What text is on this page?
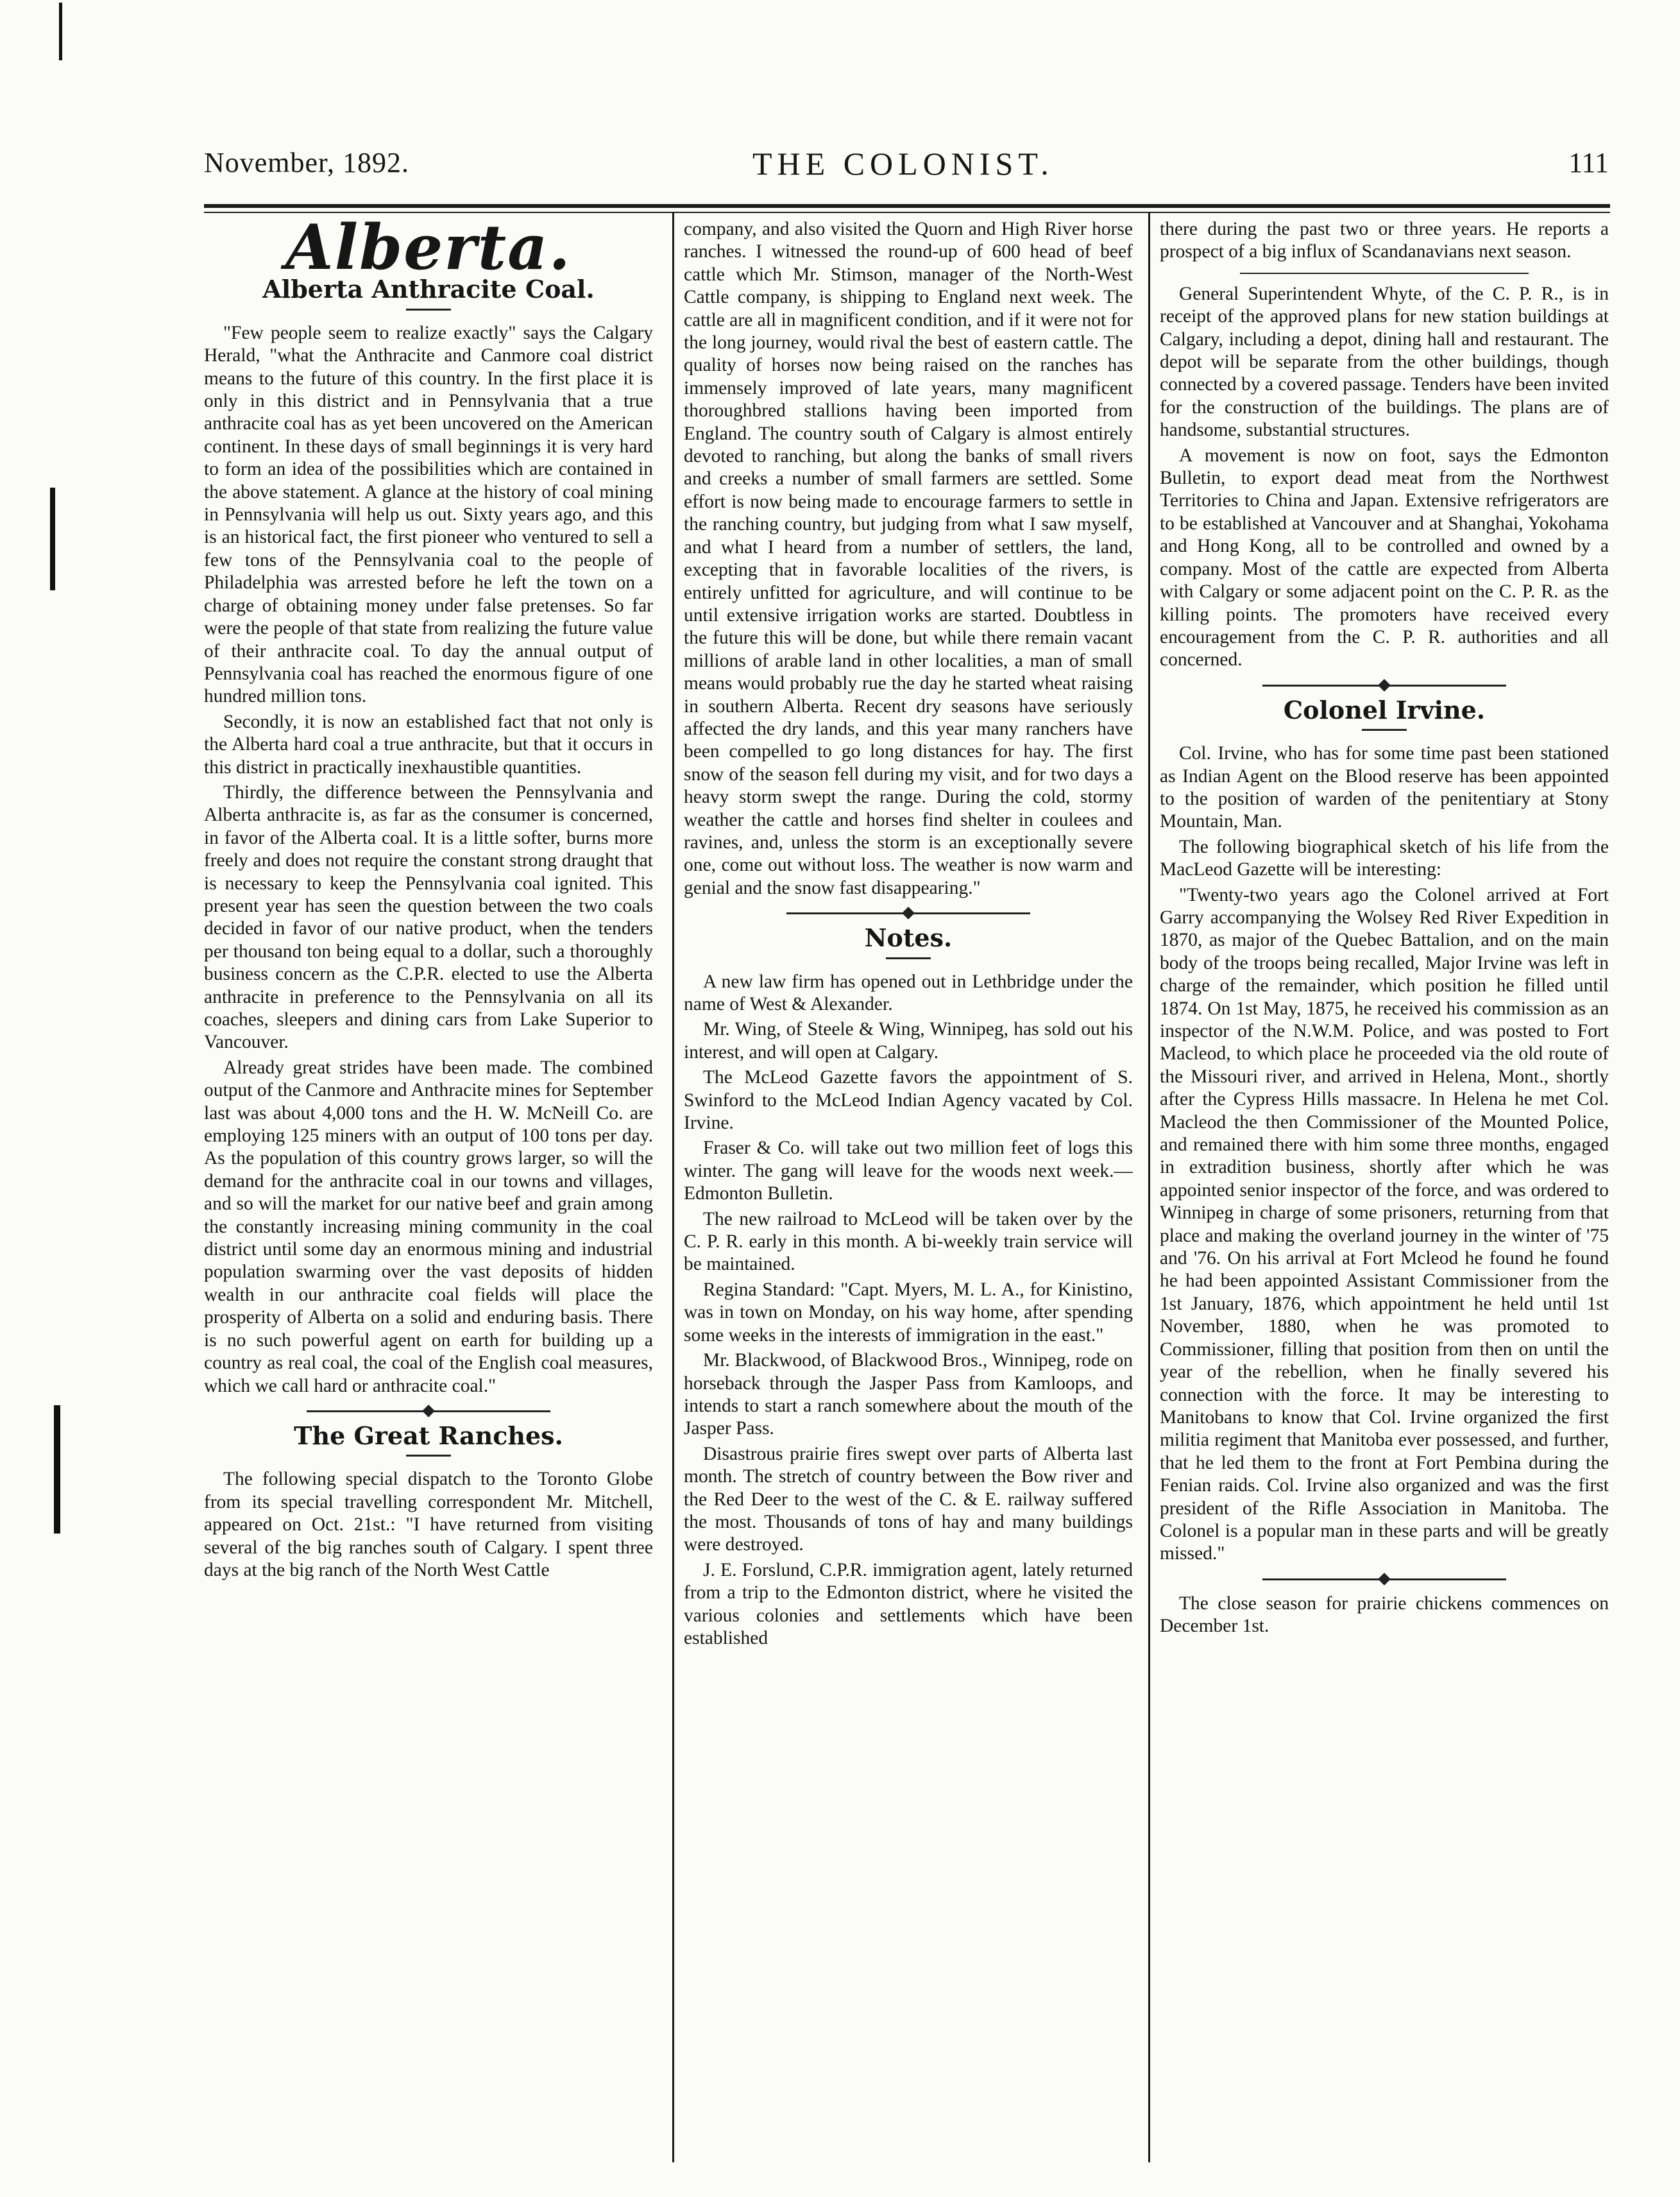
November, 1892.	THE COLONIST.	111
Alberta.
Alberta Anthracite Coal.

"Few people seem to realize exactly" says the Calgary Herald, "what the Anthracite and Canmore coal district means to the future of this country. In the first place it is only in this district and in Pennsylvania that a true anthracite coal has as yet been uncovered on the American continent. In these days of small beginnings it is very hard to form an idea of the possibilities which are contained in the above statement. A glance at the history of coal mining in Pennsylvania will help us out. Sixty years ago, and this is an historical fact, the first pioneer who ventured to sell a few tons of the Pennsylvania coal to the people of Philadelphia was arrested before he left the town on a charge of obtaining money under false pretenses. So far were the people of that state from realizing the future value of their anthracite coal. To day the annual output of Pennsylvania coal has reached the enormous figure of one hundred million tons.

Secondly, it is now an established fact that not only is the Alberta hard coal a true anthracite, but that it occurs in this district in practically inexhaustible quantities.

Thirdly, the difference between the Pennsylvania and Alberta anthracite is, as far as the consumer is concerned, in favor of the Alberta coal. It is a little softer, burns more freely and does not require the constant strong draught that is necessary to keep the Pennsylvania coal ignited. This present year has seen the question between the two coals decided in favor of our native product, when the tenders per thousand ton being equal to a dollar, such a thoroughly business concern as the C.P.R. elected to use the Alberta anthracite in preference to the Pennsylvania on all its coaches, sleepers and dining cars from Lake Superior to Vancouver.

Already great strides have been made. The combined output of the Canmore and Anthracite mines for September last was about 4,000 tons and the H. W. McNeill Co. are employing 125 miners with an output of 100 tons per day. As the population of this country grows larger, so will the demand for the anthracite coal in our towns and villages, and so will the market for our native beef and grain among the constantly increasing mining community in the coal district until some day an enormous mining and industrial population swarming over the vast deposits of hidden wealth in our anthracite coal fields will place the prosperity of Alberta on a solid and enduring basis. There is no such powerful agent on earth for building up a country as real coal, the coal of the English coal measures, which we call hard or anthracite coal."

The Great Ranches.

The following special dispatch to the Toronto Globe from its special travelling correspondent Mr. Mitchell, appeared on Oct. 21st.: "I have returned from visiting several of the big ranches south of Calgary. I spent three days at the big ranch of the North West Cattle

company, and also visited the Quorn and High River horse ranches. I witnessed the round-up of 600 head of beef cattle which Mr. Stimson, manager of the North-West Cattle company, is shipping to England next week. The cattle are all in magnificent condition, and if it were not for the long journey, would rival the best of eastern cattle. The quality of horses now being raised on the ranches has immensely improved of late years, many magnificent thoroughbred stallions having been imported from England. The country south of Calgary is almost entirely devoted to ranching, but along the banks of small rivers and creeks a number of small farmers are settled. Some effort is now being made to encourage farmers to settle in the ranching country, but judging from what I saw myself, and what I heard from a number of settlers, the land, excepting that in favorable localities of the rivers, is entirely unfitted for agriculture, and will continue to be until extensive irrigation works are started. Doubtless in the future this will be done, but while there remain vacant millions of arable land in other localities, a man of small means would probably rue the day he started wheat raising in southern Alberta. Recent dry seasons have seriously affected the dry lands, and this year many ranchers have been compelled to go long distances for hay. The first snow of the season fell during my visit, and for two days a heavy storm swept the range. During the cold, stormy weather the cattle and horses find shelter in coulees and ravines, and, unless the storm is an exceptionally severe one, come out without loss. The weather is now warm and genial and the snow fast disappearing."

Notes.

A new law firm has opened out in Lethbridge under the name of West & Alexander.

Mr. Wing, of Steele & Wing, Winnipeg, has sold out his interest, and will open at Calgary.

The McLeod Gazette favors the appointment of S. Swinford to the McLeod Indian Agency vacated by Col. Irvine.

Fraser & Co. will take out two million feet of logs this winter. The gang will leave for the woods next week.—Edmonton Bulletin.

The new railroad to McLeod will be taken over by the C. P. R. early in this month. A bi-weekly train service will be maintained.

Regina Standard: "Capt. Myers, M. L. A., for Kinistino, was in town on Monday, on his way home, after spending some weeks in the interests of immigration in the east."

Mr. Blackwood, of Blackwood Bros., Winnipeg, rode on horseback through the Jasper Pass from Kamloops, and intends to start a ranch somewhere about the mouth of the Jasper Pass.

Disastrous prairie fires swept over parts of Alberta last month. The stretch of country between the Bow river and the Red Deer to the west of the C. & E. railway suffered the most. Thousands of tons of hay and many buildings were destroyed.

J. E. Forslund, C.P.R. immigration agent, lately returned from a trip to the Edmonton district, where he visited the various colonies and settlements which have been established

there during the past two or three years. He reports a prospect of a big influx of Scandanavians next season.

General Superintendent Whyte, of the C. P. R., is in receipt of the approved plans for new station buildings at Calgary, including a depot, dining hall and restaurant. The depot will be separate from the other buildings, though connected by a covered passage. Tenders have been invited for the construction of the buildings. The plans are of handsome, substantial structures.

A movement is now on foot, says the Edmonton Bulletin, to export dead meat from the Northwest Territories to China and Japan. Extensive refrigerators are to be established at Vancouver and at Shanghai, Yokohama and Hong Kong, all to be controlled and owned by a company. Most of the cattle are expected from Alberta with Calgary or some adjacent point on the C. P. R. as the killing points. The promoters have received every encouragement from the C. P. R. authorities and all concerned.

Colonel Irvine.

Col. Irvine, who has for some time past been stationed as Indian Agent on the Blood reserve has been appointed to the position of warden of the penitentiary at Stony Mountain, Man.

The following biographical sketch of his life from the MacLeod Gazette will be interesting:

"Twenty-two years ago the Colonel arrived at Fort Garry accompanying the Wolsey Red River Expedition in 1870, as major of the Quebec Battalion, and on the main body of the troops being recalled, Major Irvine was left in charge of the remainder, which position he filled until 1874. On 1st May, 1875, he received his commission as an inspector of the N.W.M. Police, and was posted to Fort Macleod, to which place he proceeded via the old route of the Missouri river, and arrived in Helena, Mont., shortly after the Cypress Hills massacre. In Helena he met Col. Macleod the then Commissioner of the Mounted Police, and remained there with him some three months, engaged in extradition business, shortly after which he was appointed senior inspector of the force, and was ordered to Winnipeg in charge of some prisoners, returning from that place and making the overland journey in the winter of '75 and '76. On his arrival at Fort Mcleod he found he found he had been appointed Assistant Commissioner from the 1st January, 1876, which appointment he held until 1st November, 1880, when he was promoted to Commissioner, filling that position from then on until the year of the rebellion, when he finally severed his connection with the force. It may be interesting to Manitobans to know that Col. Irvine organized the first militia regiment that Manitoba ever possessed, and further, that he led them to the front at Fort Pembina during the Fenian raids. Col. Irvine also organized and was the first president of the Rifle Association in Manitoba. The Colonel is a popular man in these parts and will be greatly missed."

The close season for prairie chickens commences on December 1st.
